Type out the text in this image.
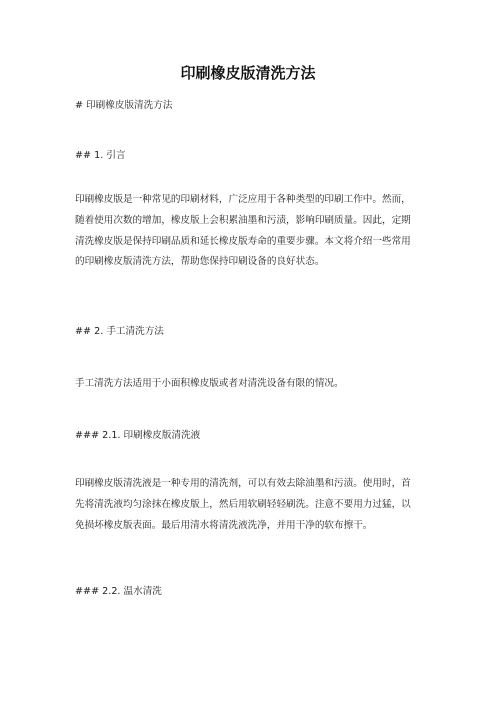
印刷橡皮版清洗方法
# 印刷橡皮版清洗方法
## 1. 引言
印刷橡皮版是一种常见的印刷材料，广泛应用于各种类型的印刷工作中。然而，
随着使用次数的增加，橡皮版上会积累油墨和污渍，影响印刷质量。因此，定期
清洗橡皮版是保持印刷品质和延长橡皮版寿命的重要步骤。本文将介绍一些常用
的印刷橡皮版清洗方法，帮助您保持印刷设备的良好状态。
## 2. 手工清洗方法
手工清洗方法适用于小面积橡皮版或者对清洗设备有限的情况。
### 2.1. 印刷橡皮版清洗液
印刷橡皮版清洗液是一种专用的清洗剂，可以有效去除油墨和污渍。使用时，首
先将清洗液均匀涂抹在橡皮版上，然后用软刷轻轻刷洗。注意不要用力过猛，以
免损坏橡皮版表面。最后用清水将清洗液洗净，并用干净的软布擦干。
### 2.2. 温水清洗
